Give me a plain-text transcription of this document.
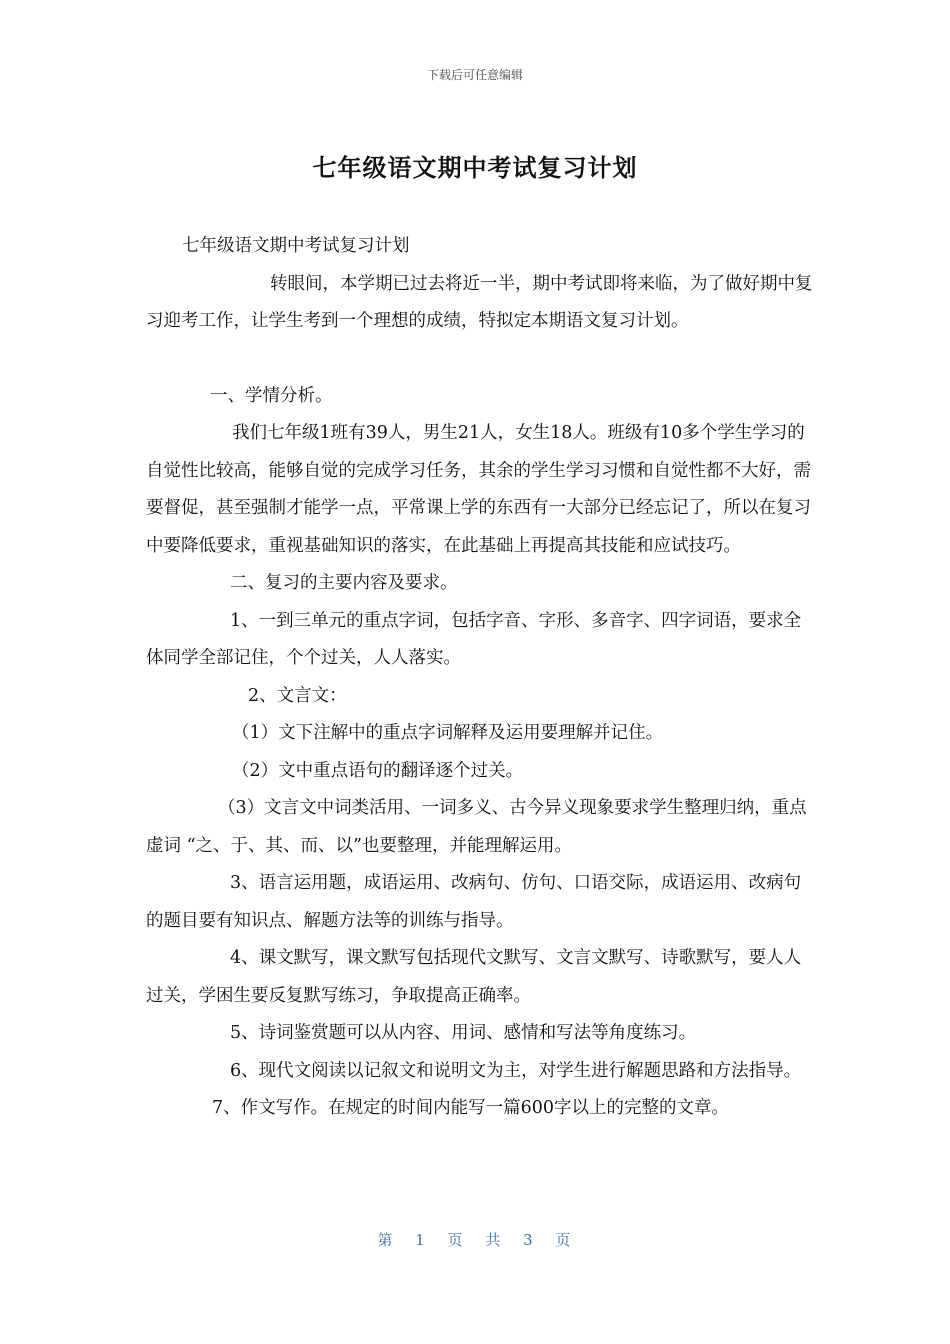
下载后可任意编辑
七年级语文期中考试复习计划

七年级语文期中考试复习计划

转眼间，本学期已过去将近一半，期中考试即将来临，为了做好期中复习迎考工作，让学生考到一个理想的成绩，特拟定本期语文复习计划。

一、学情分析。

我们七年级1班有39人，男生21人，女生18人。班级有10多个学生学习的自觉性比较高，能够自觉的完成学习任务，其余的学生学习习惯和自觉性都不大好，需要督促，甚至强制才能学一点，平常课上学的东西有一大部分已经忘记了，所以在复习中要降低要求，重视基础知识的落实，在此基础上再提高其技能和应试技巧。

二、复习的主要内容及要求。

1、一到三单元的重点字词，包括字音、字形、多音字、四字词语，要求全体同学全部记住，个个过关，人人落实。

2、文言文：

（1）文下注解中的重点字词解释及运用要理解并记住。

（2）文中重点语句的翻译逐个过关。

（3）文言文中词类活用、一词多义、古今异义现象要求学生整理归纳，重点虚词 “之、于、其、而、以”也要整理，并能理解运用。

3、语言运用题，成语运用、改病句、仿句、口语交际，成语运用、改病句的题目要有知识点、解题方法等的训练与指导。

4、课文默写，课文默写包括现代文默写、文言文默写、诗歌默写，要人人过关，学困生要反复默写练习，争取提高正确率。

5、诗词鉴赏题可以从内容、用词、感情和写法等角度练习。

6、现代文阅读以记叙文和说明文为主，对学生进行解题思路和方法指导。

7、作文写作。在规定的时间内能写一篇600字以上的完整的文章。

第 1 页 共 3 页
